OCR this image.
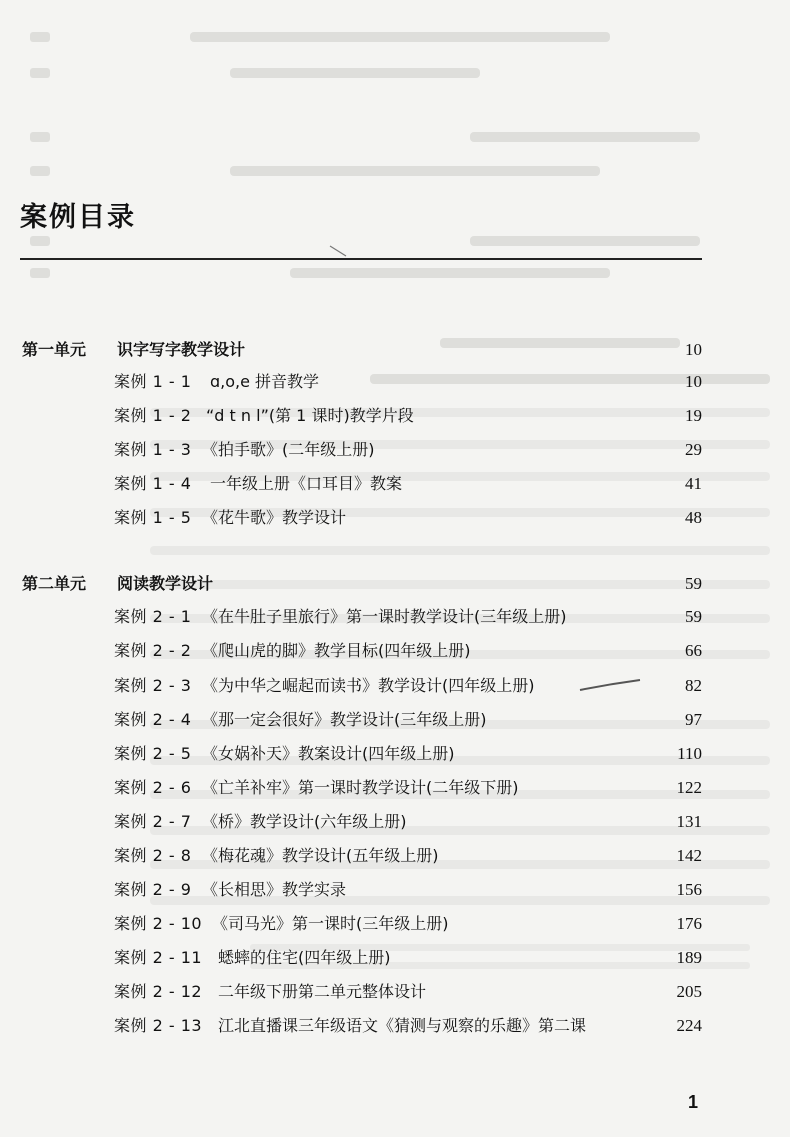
案例目录
第一单元 识字写字教学设计	10
案例 1 - 1 ɑ,o,e 拼音教学	10
案例 1 - 2 “d t n l”(第 1 课时)教学片段	19
案例 1 - 3 《拍手歌》(二年级上册)	29
案例 1 - 4 一年级上册《口耳目》教案	41
案例 1 - 5 《花牛歌》教学设计	48
第二单元 阅读教学设计	59
案例 2 - 1 《在牛肚子里旅行》第一课时教学设计(三年级上册)	59
案例 2 - 2 《爬山虎的脚》教学目标(四年级上册)	66
案例 2 - 3 《为中华之崛起而读书》教学设计(四年级上册)	82
案例 2 - 4 《那一定会很好》教学设计(三年级上册)	97
案例 2 - 5 《女娲补天》教案设计(四年级上册)	110
案例 2 - 6 《亡羊补牢》第一课时教学设计(二年级下册)	122
案例 2 - 7 《桥》教学设计(六年级上册)	131
案例 2 - 8 《梅花魂》教学设计(五年级上册)	142
案例 2 - 9 《长相思》教学实录	156
案例 2 - 10 《司马光》第一课时(三年级上册)	176
案例 2 - 11 蟋蟀的住宅(四年级上册)	189
案例 2 - 12 二年级下册第二单元整体设计	205
案例 2 - 13 江北直播课三年级语文《猜测与观察的乐趣》第二课	224
1
